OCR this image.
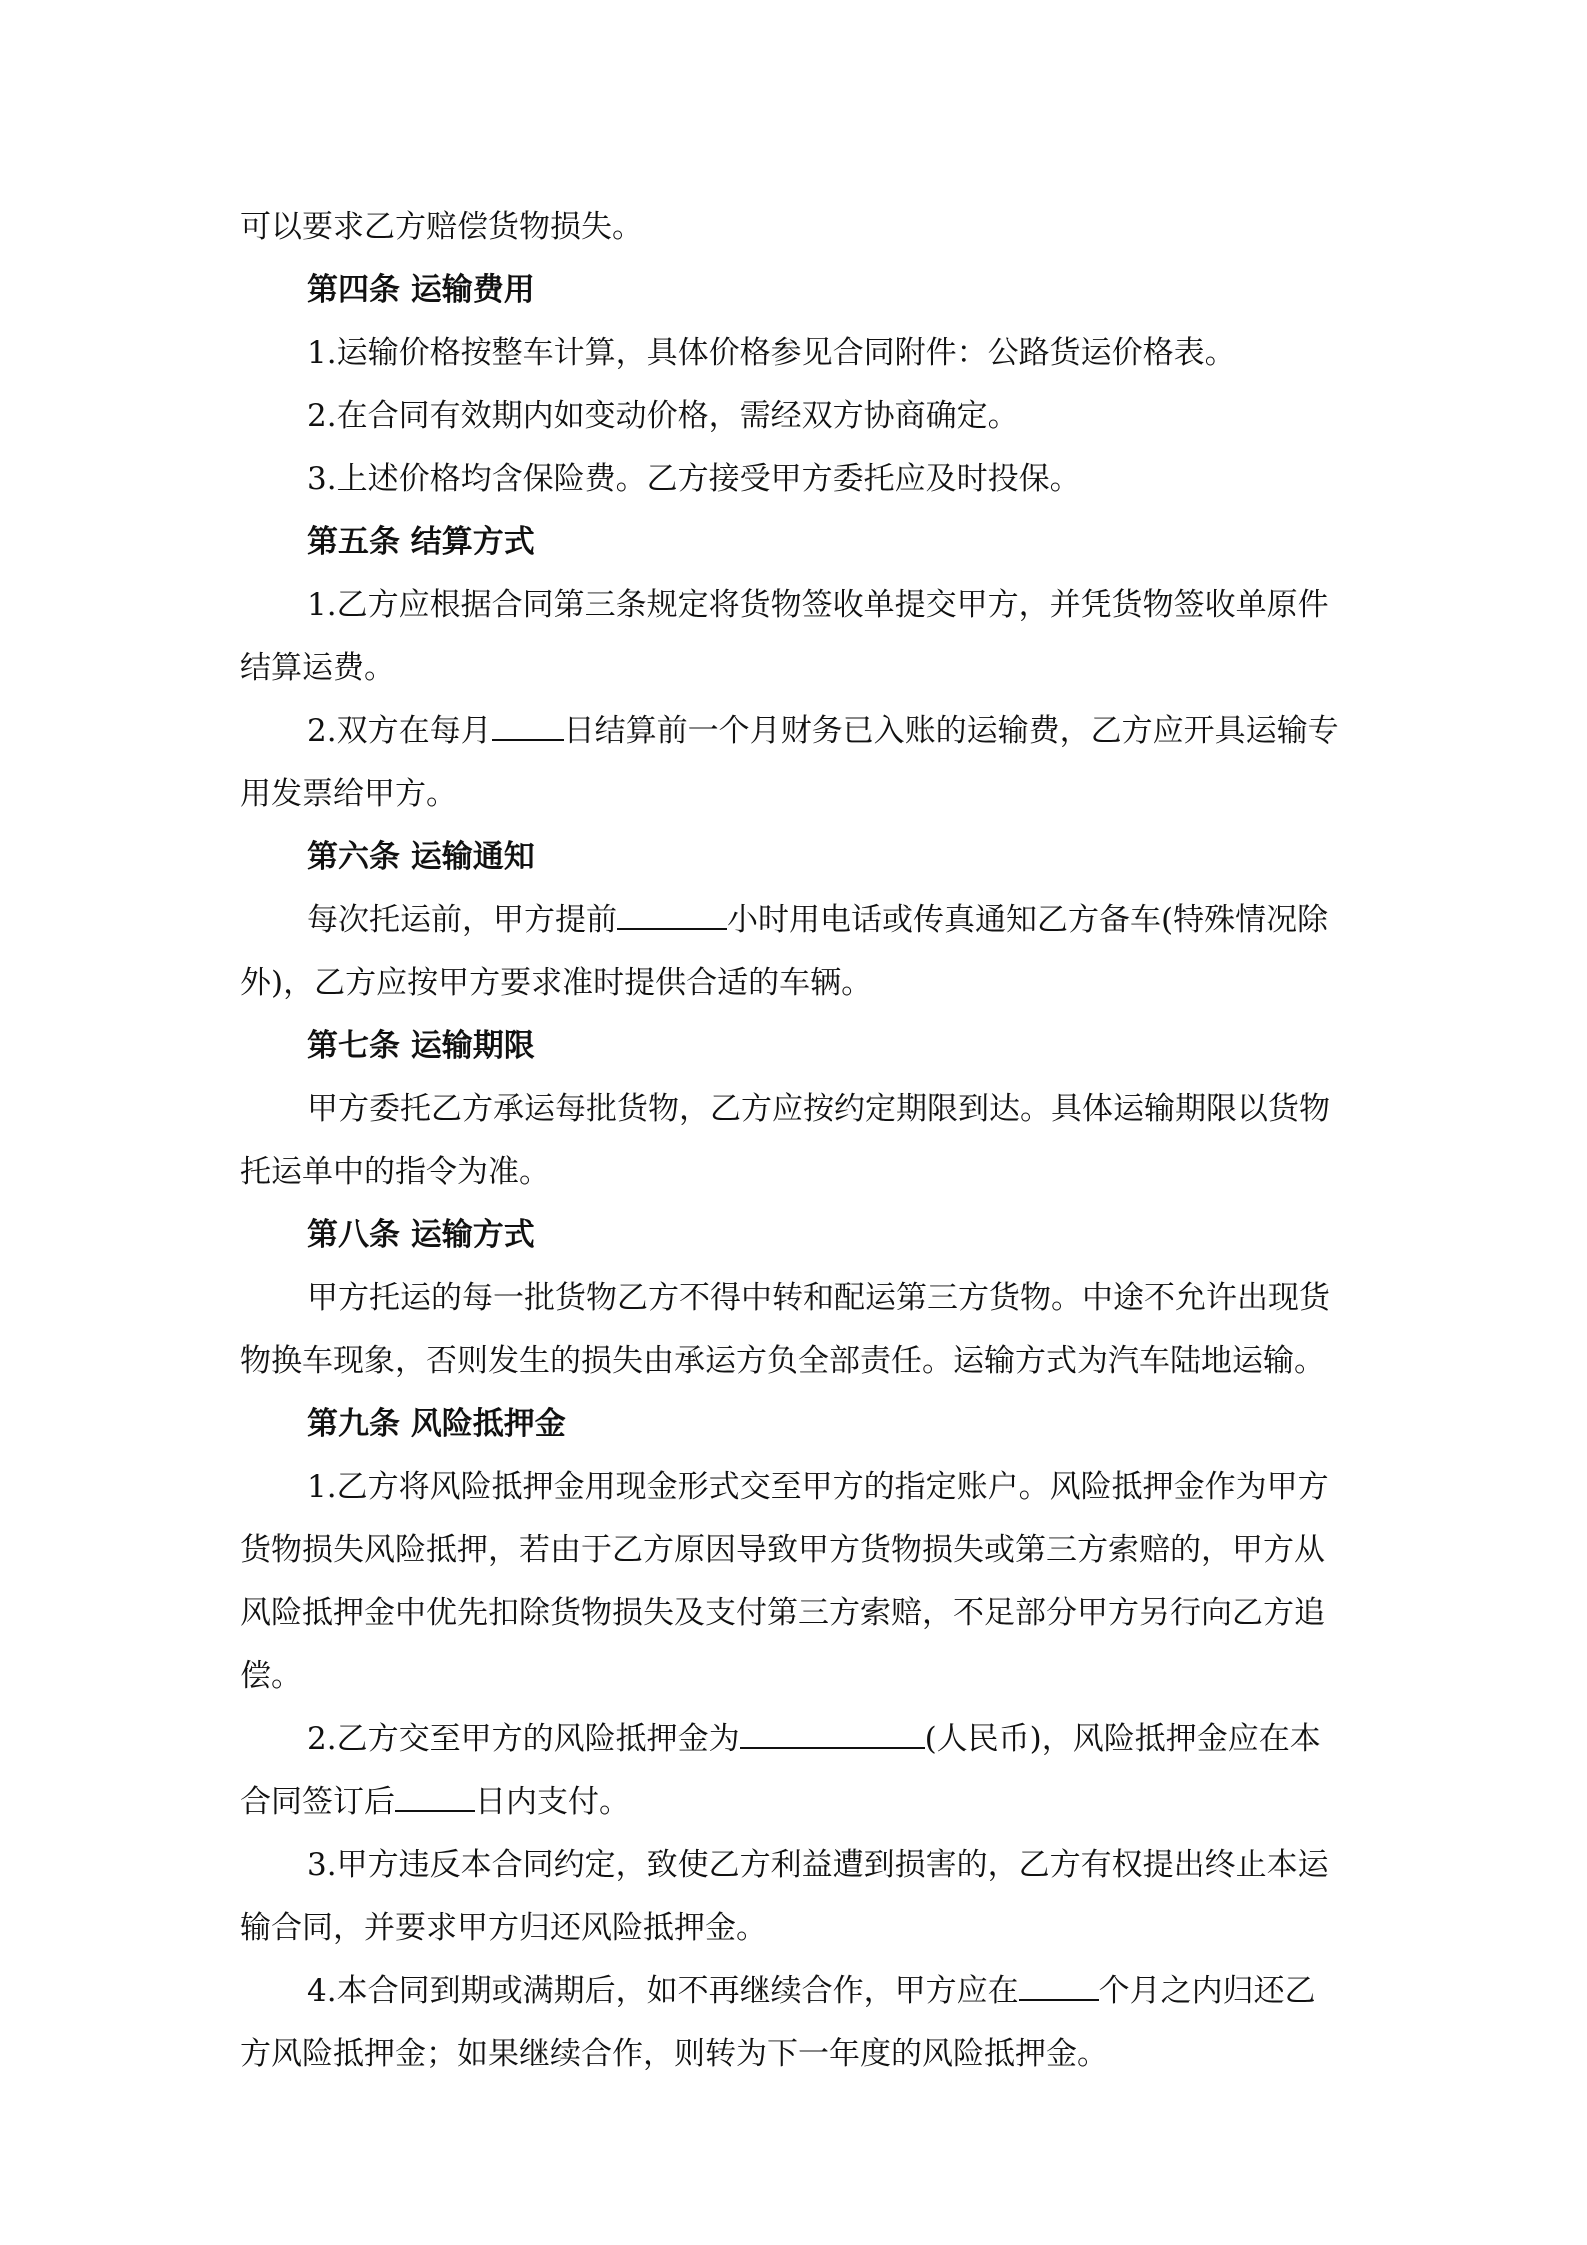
可以要求乙方赔偿货物损失。

第四条 运输费用

1.运输价格按整车计算，具体价格参见合同附件：公路货运价格表。

2.在合同有效期内如变动价格，需经双方协商确定。

3.上述价格均含保险费。乙方接受甲方委托应及时投保。

第五条 结算方式

1.乙方应根据合同第三条规定将货物签收单提交甲方，并凭货物签收单原件

结算运费。

2.双方在每月 日结算前一个月财务已入账的运输费，乙方应开具运输专

用发票给甲方。

第六条 运输通知

每次托运前，甲方提前	小时用电话或传真通知乙方备车(特殊情况除

外)，乙方应按甲方要求准时提供合适的车辆。

第七条 运输期限

甲方委托乙方承运每批货物，乙方应按约定期限到达。具体运输期限以货物

托运单中的指令为准。

第八条 运输方式

甲方托运的每一批货物乙方不得中转和配运第三方货物。中途不允许出现货

物换车现象，否则发生的损失由承运方负全部责任。运输方式为汽车陆地运输。

第九条 风险抵押金

1.乙方将风险抵押金用现金形式交至甲方的指定账户。风险抵押金作为甲方

货物损失风险抵押，若由于乙方原因导致甲方货物损失或第三方索赔的，甲方从

风险抵押金中优先扣除货物损失及支付第三方索赔，不足部分甲方另行向乙方追

偿。

2.乙方交至甲方的风险抵押金为	(人民币)，风险抵押金应在本

合同签订后	日内支付。

3.甲方违反本合同约定，致使乙方利益遭到损害的，乙方有权提出终止本运

输合同，并要求甲方归还风险抵押金。

4.本合同到期或满期后，如不再继续合作，甲方应在	个月之内归还乙

方风险抵押金；如果继续合作，则转为下一年度的风险抵押金。
